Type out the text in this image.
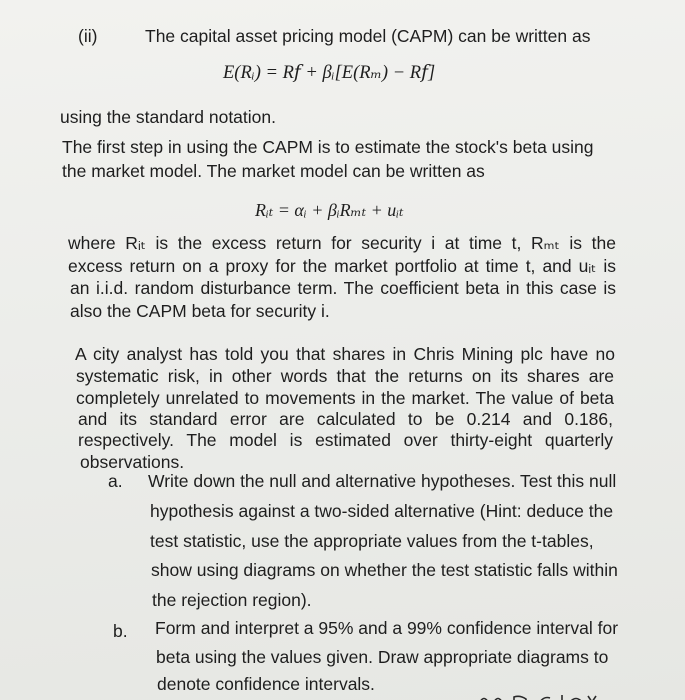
(ii)	The capital asset pricing model (CAPM) can be written as
E(Rᵢ) = R𝑓 + βᵢ[E(Rₘ) − R𝑓]
using the standard notation.
The first step in using the CAPM is to estimate the stock's beta using
the market model. The market model can be written as
Rᵢₜ = αᵢ + βᵢRₘₜ + uᵢₜ
where Rᵢₜ is the excess return for security i at time t, Rₘₜ is the
excess return on a proxy for the market portfolio at time t, and uᵢₜ is
an i.i.d. random disturbance term. The coefficient beta in this case is
also the CAPM beta for security i.
A city analyst has told you that shares in Chris Mining plc have no
systematic risk, in other words that the returns on its shares are
completely unrelated to movements in the market. The value of beta
and its standard error are calculated to be 0.214 and 0.186,
respectively. The model is estimated over thirty-eight quarterly
observations.
a. Write down the null and alternative hypotheses. Test this null
hypothesis against a two-sided alternative (Hint: deduce the
test statistic, use the appropriate values from the t-tables,
show using diagrams on whether the test statistic falls within
the rejection region).
b. Form and interpret a 95% and a 99% confidence interval for
beta using the values given. Draw appropriate diagrams to
denote confidence intervals.
